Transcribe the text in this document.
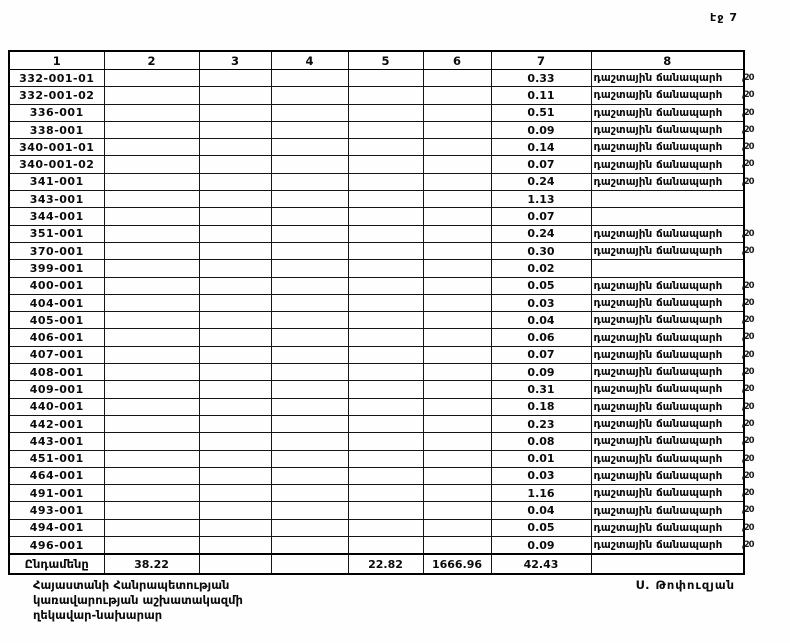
էջ 7
1	2	3	4	5	6	7	8
332-001-01						0.33	դաշտային ճանապարհ ,20

332-001-02						0.11	դաշտային ճանապարհ ,20

336-001						0.51	դաշտային ճանապարհ ,20

338-001						0.09	դաշտային ճանապարհ ,20

340-001-01						0.14	դաշտային ճանապարհ ,20

340-001-02						0.07	դաշտային ճանապարհ ,20

341-001						0.24	դաշտային ճանապարհ ,20

343-001						1.13	
344-001						0.07	
351-001						0.24	դաշտային ճանապարհ ,20

370-001						0.30	դաշտային ճանապարհ ,20

399-001						0.02	
400-001						0.05	դաշտային ճանապարհ ,20

404-001						0.03	դաշտային ճանապարհ ,20

405-001						0.04	դաշտային ճանապարհ ,20

406-001						0.06	դաշտային ճանապարհ ,20

407-001						0.07	դաշտային ճանապարհ ,20

408-001						0.09	դաշտային ճանապարհ ,20

409-001						0.31	դաշտային ճանապարհ ,20

440-001						0.18	դաշտային ճանապարհ ,20

442-001						0.23	դաշտային ճանապարհ ,20

443-001						0.08	դաշտային ճանապարհ ,20

451-001						0.01	դաշտային ճանապարհ ,20

464-001						0.03	դաշտային ճանապարհ ,20

491-001						1.16	դաշտային ճանապարհ ,20

493-001						0.04	դաշտային ճանապարհ ,20

494-001						0.05	դաշտային ճանապարհ ,20

496-001						0.09	դաշտային ճանապարհ ,20

Ընդամենը	38.22			22.82	1666.96	42.43	
Հայաստանի Հանրապետության
կառավարության աշխատակազմի
ղեկավար-նախարար
Ս. Թոփուզյան
